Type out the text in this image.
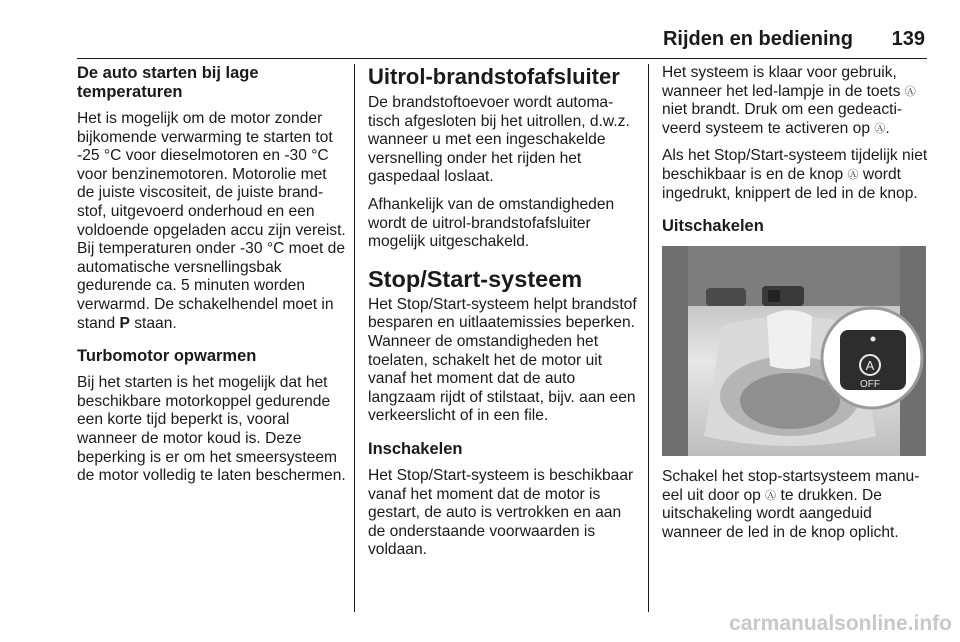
Rijden en bediening 139
De auto starten bij lage temperaturen

Het is mogelijk om de motor zonder bijkomende verwarming te starten tot -25 °C voor dieselmotoren en -30 °C voor benzinemotoren. Motorolie met de juiste viscositeit, de juiste brandstof, uitgevoerd onderhoud en een voldoende opgeladen accu zijn vereist. Bij temperaturen onder -30 °C moet de automatische versnellingsbak gedurende ca. 5 minuten worden verwarmd. De schakelhendel moet in stand P staan.

Turbomotor opwarmen

Bij het starten is het mogelijk dat het beschikbare motorkoppel gedurende een korte tijd beperkt is, vooral wanneer de motor koud is. Deze beperking is er om het smeersysteem de motor volledig te laten beschermen.

Uitrol-brandstofafsluiter

De brandstoftoevoer wordt automatisch afgesloten bij het uitrollen, d.w.z. wanneer u met een ingeschakelde versnelling onder het rijden het gaspedaal loslaat.

Afhankelijk van de omstandigheden wordt de uitrol-brandstofafsluiter mogelijk uitgeschakeld.

Stop/Start-systeem

Het Stop/Start-systeem helpt brandstof besparen en uitlaatemissies beperken. Wanneer de omstandigheden het toelaten, schakelt het de motor uit vanaf het moment dat de auto langzaam rijdt of stilstaat, bijv. aan een verkeerslicht of in een file.

Inschakelen

Het Stop/Start-systeem is beschikbaar vanaf het moment dat de motor is gestart, de auto is vertrokken en aan de onderstaande voorwaarden is voldaan.

Het systeem is klaar voor gebruik, wanneer het led-lampje in de toets Ⓐ niet brandt. Druk om een gedeactiveerd systeem te activeren op Ⓐ.

Als het Stop/Start-systeem tijdelijk niet beschikbaar is en de knop Ⓐ wordt ingedrukt, knippert de led in de knop.

Uitschakelen
A
OFF

Schakel het stop-startsysteem manueel uit door op Ⓐ te drukken. De uitschakeling wordt aangeduid wanneer de led in de knop oplicht.

carmanualsonline.info
